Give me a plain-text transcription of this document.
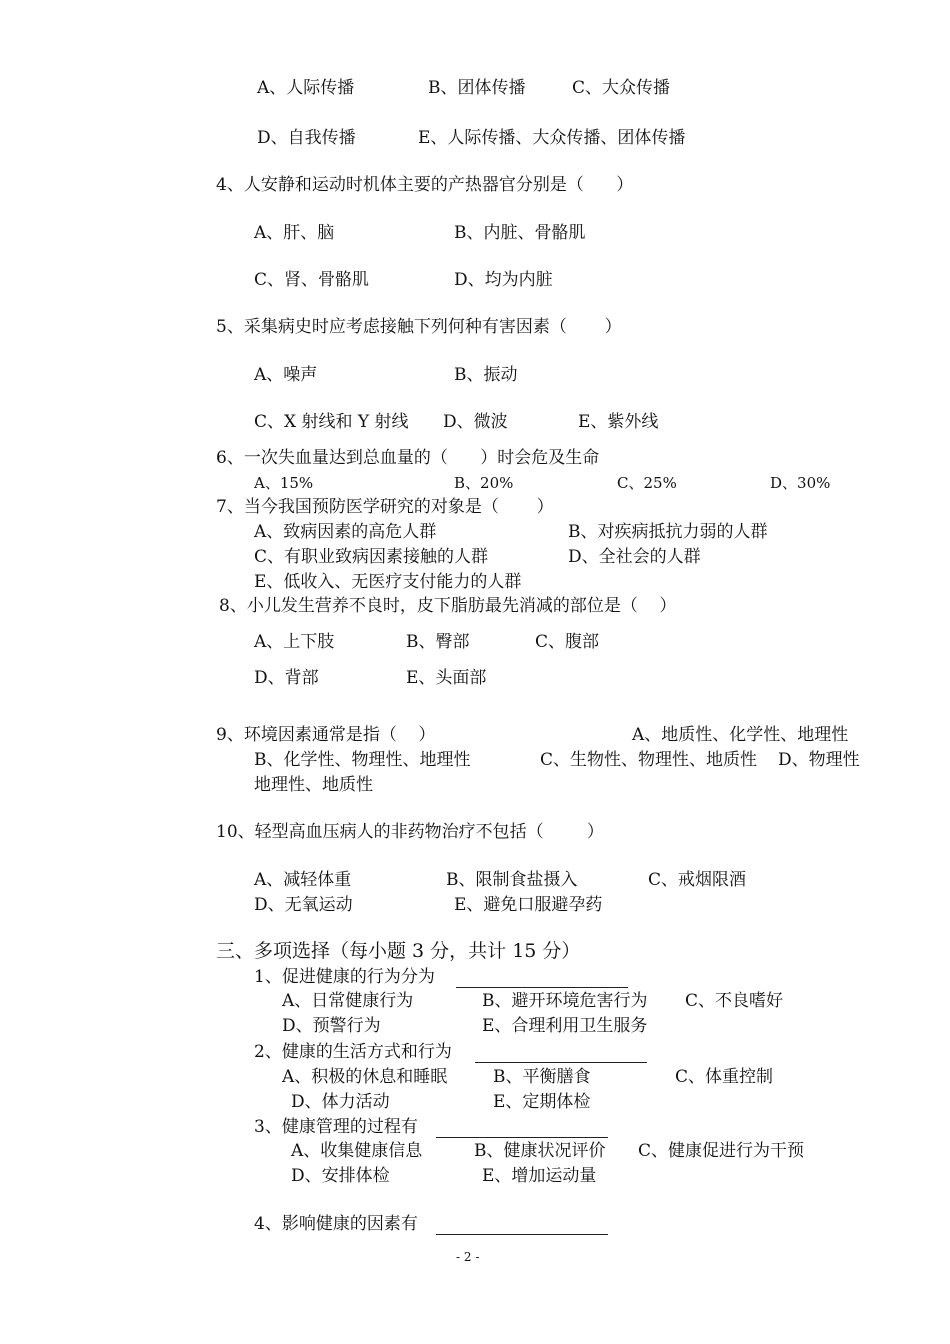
A、人际传播	B、团体传播	C、大众传播
D、自我传播	E、人际传播、大众传播、团体传播
4、人安静和运动时机体主要的产热器官分别是（      ）
A、肝、脑	B、内脏、骨骼肌
C、肾、骨骼肌	D、均为内脏
5、采集病史时应考虑接触下列何种有害因素（       ）
A、噪声	B、振动
C、X 射线和 Y 射线 D、微波	E、紫外线
6、一次失血量达到总血量的（      ）时会危及生命
A、15%	B、20%	C、25%	D、30%
7、当今我国预防医学研究的对象是（       ）
A、致病因素的高危人群	B、对疾病抵抗力弱的人群
C、有职业致病因素接触的人群	D、全社会的人群
E、低收入、无医疗支付能力的人群
8、小儿发生营养不良时，皮下脂肪最先消减的部位是（    ）
A、上下肢	B、臀部	C、腹部
D、背部	E、头面部
9、环境因素通常是指（    ）	A、地质性、化学性、地理性
B、化学性、物理性、地理性	C、生物性、物理性、地质性 D、物理性
地理性、地质性
10、轻型高血压病人的非药物治疗不包括（        ）
A、减轻体重	B、限制食盐摄入	C、戒烟限酒
D、无氧运动	E、避免口服避孕药
三、多项选择（每小题 3 分，共计 15 分）
1、促进健康的行为分为
A、日常健康行为	B、避开环境危害行为 C、不良嗜好
D、预警行为	E、合理利用卫生服务
2、健康的生活方式和行为
A、积极的休息和睡眠	B、平衡膳食	C、体重控制
D、体力活动	E、定期体检
3、健康管理的过程有
A、收集健康信息	B、健康状况评价 C、健康促进行为干预
D、安排体检	E、增加运动量
4、影响健康的因素有
- 2 -
